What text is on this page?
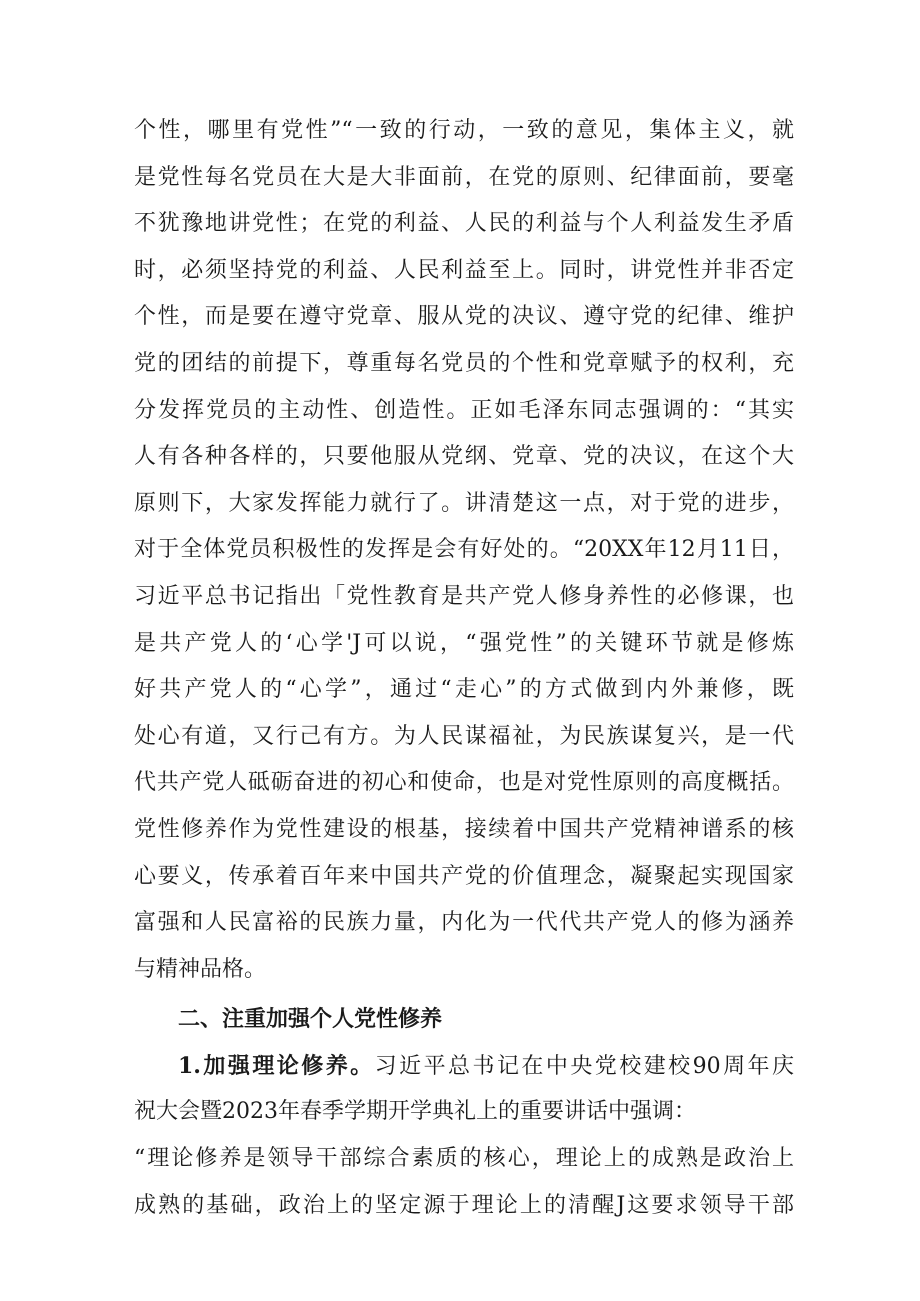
个性，哪里有党性”“一致的行动，一致的意见，集体主义，就
是党性每名党员在大是大非面前，在党的原则、纪律面前，要毫
不犹豫地讲党性；在党的利益、人民的利益与个人利益发生矛盾
时，必须坚持党的利益、人民利益至上。同时，讲党性并非否定
个性，而是要在遵守党章、服从党的决议、遵守党的纪律、维护
党的团结的前提下，尊重每名党员的个性和党章赋予的权利，充
分发挥党员的主动性、创造性。正如毛泽东同志强调的：“其实
人有各种各样的，只要他服从党纲、党章、党的决议，在这个大
原则下，大家发挥能力就行了。讲清楚这一点，对于党的进步，
对于全体党员积极性的发挥是会有好处的。“20XX年12月11日，
习近平总书记指出「党性教育是共产党人修身养性的必修课，也
是共产党人的‘心学'J可以说，“强党性”的关键环节就是修炼
好共产党人的“心学”，通过“走心”的方式做到内外兼修，既
处心有道，又行己有方。为人民谋福祉，为民族谋复兴，是一代
代共产党人砥砺奋进的初心和使命，也是对党性原则的高度概括。
党性修养作为党性建设的根基，接续着中国共产党精神谱系的核
心要义，传承着百年来中国共产党的价值理念，凝聚起实现国家
富强和人民富裕的民族力量，内化为一代代共产党人的修为涵养
与精神品格。
二、注重加强个人党性修养
1.加强理论修养。习近平总书记在中央党校建校90周年庆
祝大会暨2023年春季学期开学典礼上的重要讲话中强调：
“理论修养是领导干部综合素质的核心，理论上的成熟是政治上
成熟的基础，政治上的坚定源于理论上的清醒J这要求领导干部
